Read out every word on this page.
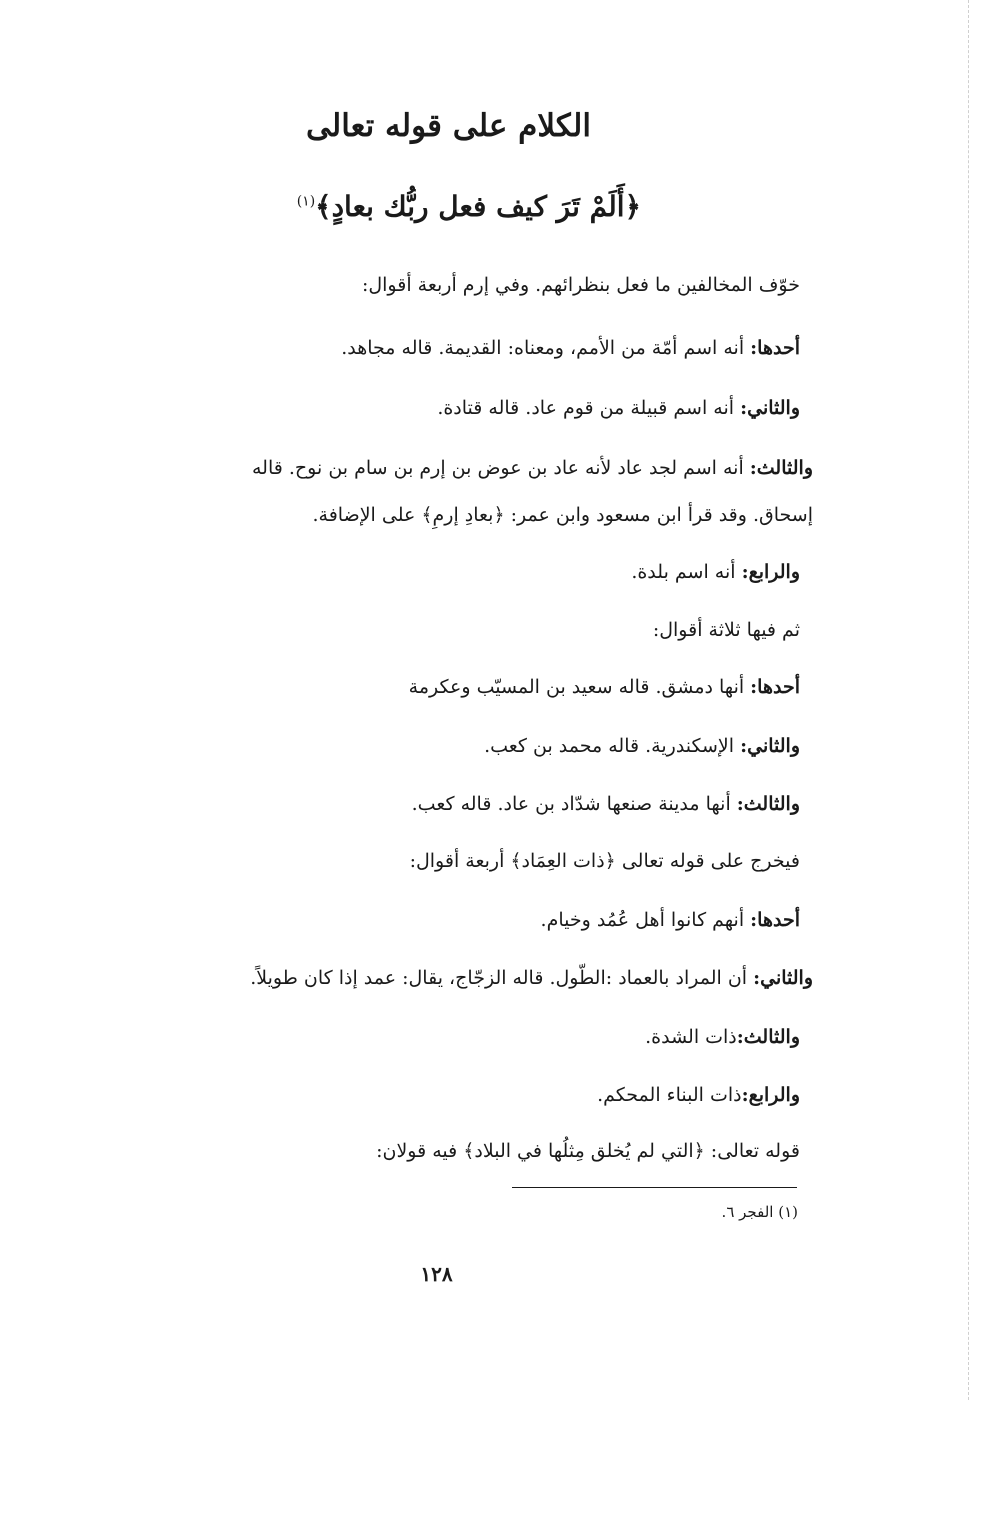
الكلام على قوله تعالى
﴿أَلَمْ تَرَ كيف فعل ربُّك بعادٍ﴾$^{(١)}$
خوّف المخالفين ما فعل بنظرائهم. وفي إرم أربعة أقوال:
أحدها: أنه اسم أمّة من الأمم، ومعناه: القديمة. قاله مجاهد.
والثاني: أنه اسم قبيلة من قوم عاد. قاله قتادة.
والثالث: أنه اسم لجد عاد لأنه عاد بن عوض بن إرم بن سام بن نوح. قاله
إسحاق. وقد قرأ ابن مسعود وابن عمر: ﴿بعادِ إرمِ﴾ على الإضافة.
والرابع: أنه اسم بلدة.
ثم فيها ثلاثة أقوال:
أحدها: أنها دمشق. قاله سعيد بن المسيّب وعكرمة
والثاني: الإسكندرية. قاله محمد بن كعب.
والثالث: أنها مدينة صنعها شدّاد بن عاد. قاله كعب.
فيخرج على قوله تعالى ﴿ذات العِمَاد﴾ أربعة أقوال:
أحدها: أنهم كانوا أهل عُمُد وخيام.
والثاني: أن المراد بالعماد :الطّول. قاله الزجّاج، يقال: عمد إذا كان طويلاً.
والثالث:ذات الشدة.
والرابع:ذات البناء المحكم.
قوله تعالى: ﴿التي لم يُخلق مِثلُها في البلاد﴾ فيه قولان:
(١) الفجر ٦.
١٢٨
